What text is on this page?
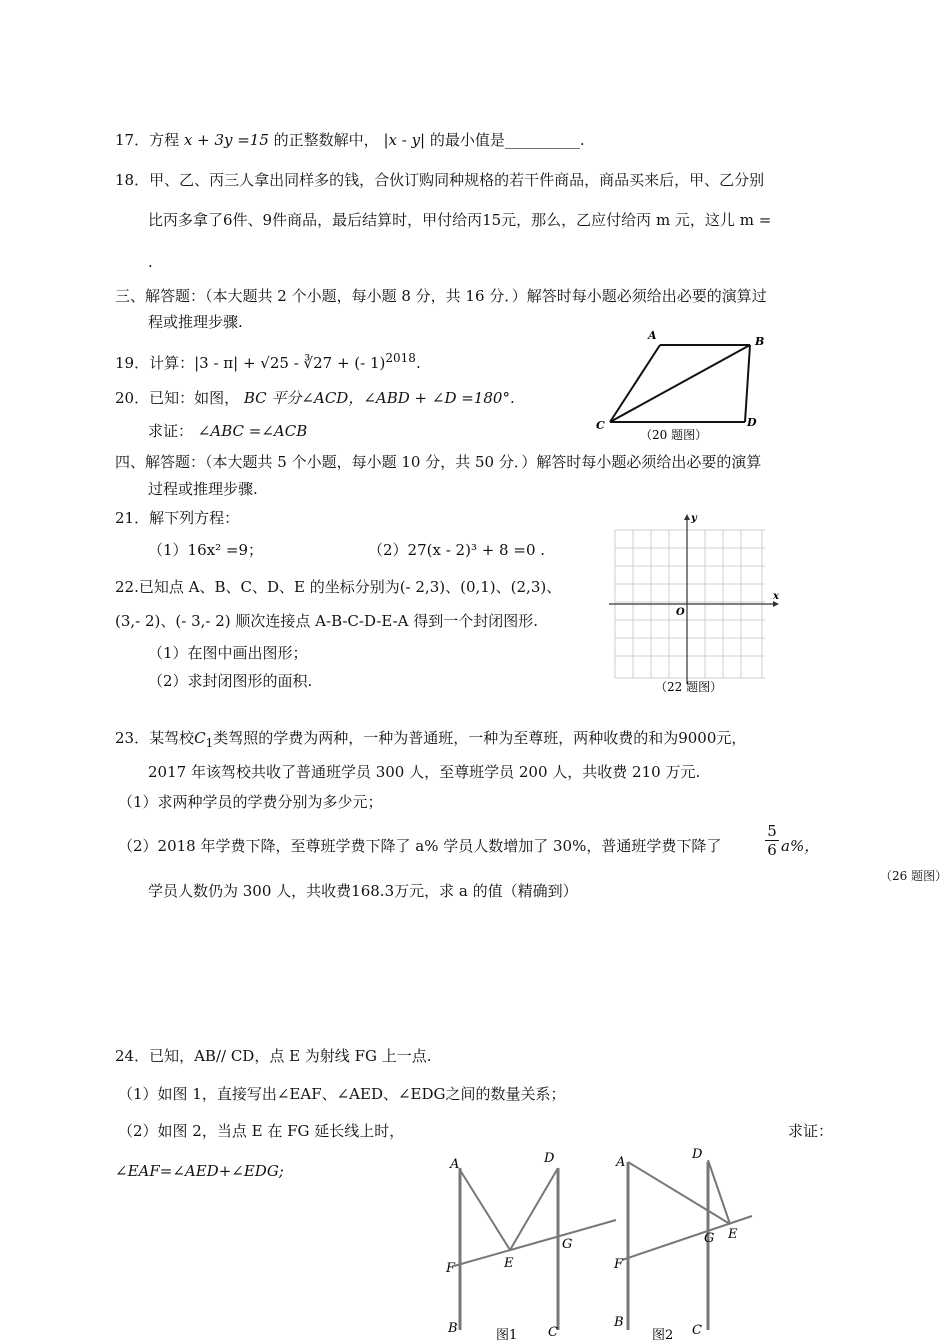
17．方程 x + 3y =15 的正整数解中， |x - y| 的最小值是__________.
18．甲、乙、丙三人拿出同样多的钱，合伙订购同种规格的若干件商品，商品买来后，甲、乙分别
比丙多拿了6件、9件商品，最后结算时，甲付给丙15元，那么，乙应付给丙 m 元，这儿 m =
.
三、解答题：（本大题共 2 个小题，每小题 8 分，共 16 分．）解答时每小题必须给出必要的演算过
程或推理步骤.
19．计算：|3 - π| + √25 - ∛27 + (- 1)$^{2018}$.
20．已知：如图， BC 平分∠ACD，∠ABD + ∠D =180°.
求证： ∠ABC =∠ACB
A	B
C	D
（20 题图）
四、解答题：（本大题共 5 个小题，每小题 10 分，共 50 分．）解答时每小题必须给出必要的演算
过程或推理步骤.
21．解下列方程：
（1）16x² =9；	（2）27(x - 2)³ + 8 =0 .
22.已知点 A、B、C、D、E 的坐标分别为(- 2,3)、(0,1)、(2,3)、
(3,- 2)、(- 3,- 2) 顺次连接点 A-B-C-D-E-A 得到一个封闭图形.
（1）在图中画出图形；
（2）求封闭图形的面积.
x
y
O
（22 题图）
23．某驾校$C_1$类驾照的学费为两种，一种为普通班，一种为至尊班，两种收费的和为9000元，
2017 年该驾校共收了普通班学员 300 人，至尊班学员 200 人，共收费 210 万元.
（1）求两种学员的学费分别为多少元；
（2）2018 年学费下降，至尊班学费下降了 a% 学员人数增加了 30%，普通班学费下降了	$\frac{5}{6} a\%$，
学员人数仍为 300 人，共收费168.3万元，求 a 的值（精确到）
（26 题图）
24．已知，AB// CD，点 E 为射线 FG 上一点.
（1）如图 1，直接写出∠EAF、∠AED、∠EDG之间的数量关系；
（2）如图 2，当点 E 在 FG 延长线上时，	求证：
∠EAF=∠AED+∠EDG;	A
B
D
C
F	E
G
图1
A
B
D
C
F
E
G
图2
